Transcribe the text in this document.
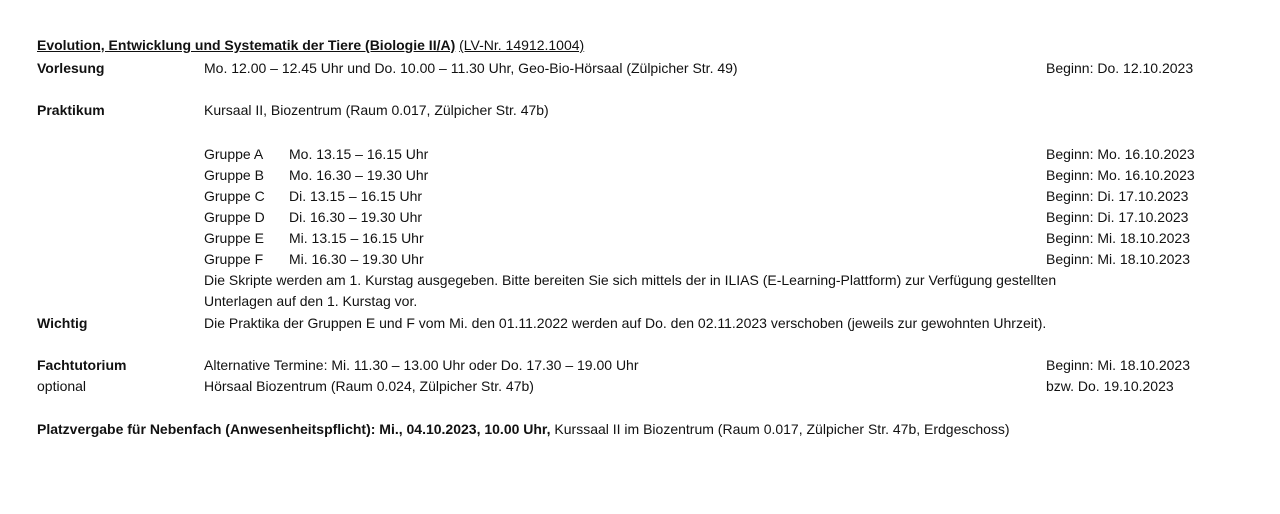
Evolution, Entwicklung und Systematik der Tiere (Biologie II/A) (LV-Nr. 14912.1004)
Vorlesung	Mo. 12.00 – 12.45 Uhr und Do. 10.00 – 11.30 Uhr, Geo-Bio-Hörsaal (Zülpicher Str. 49)	Beginn: Do. 12.10.2023
Praktikum	Kursaal II, Biozentrum (Raum 0.017, Zülpicher Str. 47b)
Gruppe A Mo. 13.15 – 16.15 Uhr	Beginn: Mo. 16.10.2023
Gruppe B Mo. 16.30 – 19.30 Uhr	Beginn: Mo. 16.10.2023
Gruppe C Di. 13.15 – 16.15 Uhr	Beginn: Di. 17.10.2023
Gruppe D Di. 16.30 – 19.30 Uhr	Beginn: Di. 17.10.2023
Gruppe E Mi. 13.15 – 16.15 Uhr	Beginn: Mi. 18.10.2023
Gruppe F Mi. 16.30 – 19.30 Uhr	Beginn: Mi. 18.10.2023
Die Skripte werden am 1. Kurstag ausgegeben. Bitte bereiten Sie sich mittels der in ILIAS (E-Learning-Plattform) zur Verfügung gestellten
Unterlagen auf den 1. Kurstag vor.
Wichtig	Die Praktika der Gruppen E und F vom Mi. den 01.11.2022 werden auf Do. den 02.11.2023 verschoben (jeweils zur gewohnten Uhrzeit).
Fachtutorium	Alternative Termine: Mi. 11.30 – 13.00 Uhr oder Do. 17.30 – 19.00 Uhr	Beginn: Mi. 18.10.2023
optional	Hörsaal Biozentrum (Raum 0.024, Zülpicher Str. 47b)	bzw. Do. 19.10.2023
Platzvergabe für Nebenfach (Anwesenheitspflicht): Mi., 04.10.2023, 10.00 Uhr, Kurssaal II im Biozentrum (Raum 0.017, Zülpicher Str. 47b, Erdgeschoss)
